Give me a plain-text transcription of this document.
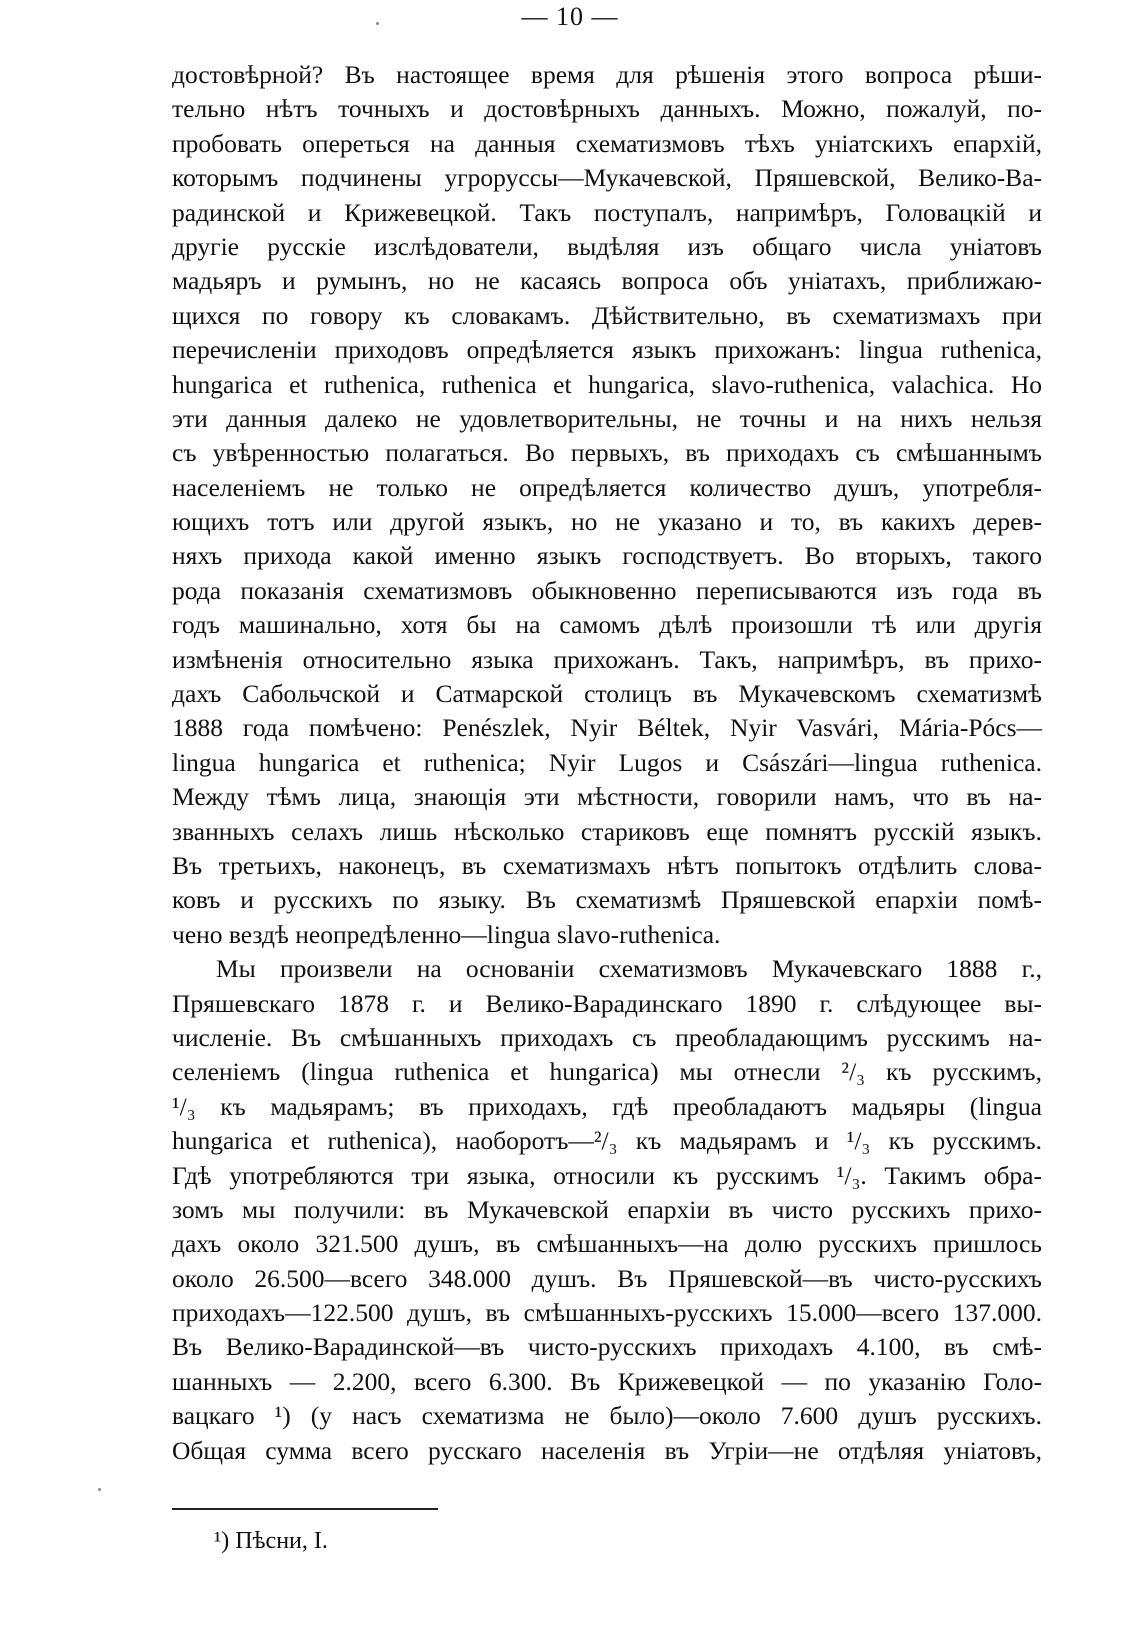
— 10 —
достовѣрной? Въ настоящее время для рѣшенія этого вопроса рѣши-
тельно нѣтъ точныхъ и достовѣрныхъ данныхъ. Можно, пожалуй, по-
пробовать опереться на данныя схематизмовъ тѣхъ уніатскихъ епархій,
которымъ подчинены угроруссы—Мукачевской, Пряшевской, Велико-Ва-
радинской и Крижевецкой. Такъ поступалъ, напримѣръ, Головацкій и
другіе русскіе изслѣдователи, выдѣляя изъ общаго числа уніатовъ
мадьяръ и румынъ, но не касаясь вопроса объ уніатахъ, приближаю-
щихся по говору къ словакамъ. Дѣйствительно, въ схематизмахъ при
перечисленіи приходовъ опредѣляется языкъ прихожанъ: lingua ruthenica,
hungarica et ruthenica, ruthenica et hungarica, slavo-ruthenica, valachica. Но
эти данныя далеко не удовлетворительны, не точны и на нихъ нельзя
съ увѣренностью полагаться. Во первыхъ, въ приходахъ съ смѣшаннымъ
населеніемъ не только не опредѣляется количество душъ, употребля-
ющихъ тотъ или другой языкъ, но не указано и то, въ какихъ дерев-
няхъ прихода какой именно языкъ господствуетъ. Во вторыхъ, такого
рода показанія схематизмовъ обыкновенно переписываются изъ года въ
годъ машинально, хотя бы на самомъ дѣлѣ произошли тѣ или другія
измѣненія относительно языка прихожанъ. Такъ, напримѣръ, въ прихо-
дахъ Сабольчской и Сатмарской столицъ въ Мукачевскомъ схематизмѣ
1888 года помѣчено: Penészlek, Nyir Béltek, Nyir Vasvári, Mária-Pócs—
lingua hungarica et ruthenica; Nyir Lugos и Császári—lingua ruthenica.
Между тѣмъ лица, знающія эти мѣстности, говорили намъ, что въ на-
званныхъ селахъ лишь нѣсколько стариковъ еще помнятъ русскій языкъ.
Въ третьихъ, наконецъ, въ схематизмахъ нѣтъ попытокъ отдѣлить слова-
ковъ и русскихъ по языку. Въ схематизмѣ Пряшевской епархіи помѣ-
чено вездѣ неопредѣленно—lingua slavo-ruthenica.
Мы произвели на основаніи схематизмовъ Мукачевскаго 1888 г.,
Пряшевскаго 1878 г. и Велико-Варадинскаго 1890 г. слѣдующее вы-
численіе. Въ смѣшанныхъ приходахъ съ преобладающимъ русскимъ на-
селеніемъ (lingua ruthenica et hungarica) мы отнесли ²/₃ къ русскимъ,
¹/₃ къ мадьярамъ; въ приходахъ, гдѣ преобладаютъ мадьяры (lingua
hungarica et ruthenica), наоборотъ—²/₃ къ мадьярамъ и ¹/₃ къ русскимъ.
Гдѣ употребляются три языка, относили къ русскимъ ¹/₃. Такимъ обра-
зомъ мы получили: въ Мукачевской епархіи въ чисто русскихъ прихо-
дахъ около 321.500 душъ, въ смѣшанныхъ—на долю русскихъ пришлось
около 26.500—всего 348.000 душъ. Въ Пряшевской—въ чисто-русскихъ
приходахъ—122.500 душъ, въ смѣшанныхъ-русскихъ 15.000—всего 137.000.
Въ Велико-Варадинской—въ чисто-русскихъ приходахъ 4.100, въ смѣ-
шанныхъ — 2.200, всего 6.300. Въ Крижевецкой — по указанію Голо-
вацкаго ¹) (у насъ схематизма не было)—около 7.600 душъ русскихъ.
Общая сумма всего русскаго населенія въ Угріи—не отдѣляя уніатовъ,
¹) Пѣсни, I.
